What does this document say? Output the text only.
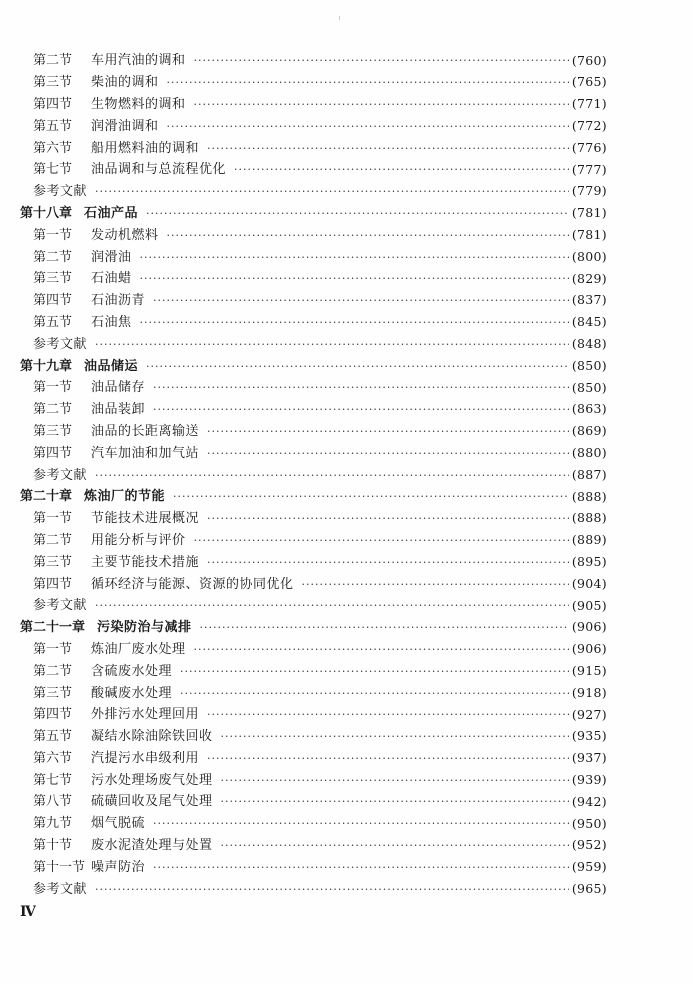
第二节	车用汽油的调和 ·····	(760)
第三节	柴油的调和 ·····	(765)
第四节	生物燃料的调和 ·····	(771)
第五节	润滑油调和 ·····	(772)
第六节	船用燃料油的调和 ·····	(776)
第七节	油品调和与总流程优化 ·····	(777)
参考文献 ·····	(779)
第十八章 石油产品 ·····	(781)
第一节	发动机燃料 ·····	(781)
第二节	润滑油 ·····	(800)
第三节	石油蜡 ·····	(829)
第四节	石油沥青 ·····	(837)
第五节	石油焦 ·····	(845)
参考文献 ·····	(848)
第十九章 油品储运 ·····	(850)
第一节	油品储存 ·····	(850)
第二节	油品装卸 ·····	(863)
第三节	油品的长距离输送 ·····	(869)
第四节	汽车加油和加气站 ·····	(880)
参考文献 ·····	(887)
第二十章 炼油厂的节能 ·····	(888)
第一节	节能技术进展概况 ·····	(888)
第二节	用能分析与评价 ·····	(889)
第三节	主要节能技术措施 ·····	(895)
第四节	循环经济与能源、资源的协同优化 ·····	(904)
参考文献 ·····	(905)
第二十一章 污染防治与减排 ·····	(906)
第一节	炼油厂废水处理 ·····	(906)
第二节	含硫废水处理 ·····	(915)
第三节	酸碱废水处理 ·····	(918)
第四节	外排污水处理回用 ·····	(927)
第五节	凝结水除油除铁回收 ·····	(935)
第六节	汽提污水串级利用 ·····	(937)
第七节	污水处理场废气处理 ·····	(939)
第八节	硫磺回收及尾气处理 ·····	(942)
第九节	烟气脱硫 ·····	(950)
第十节	废水泥渣处理与处置 ·····	(952)
第十一节 噪声防治 ·····	(959)
参考文献 ·····	(965)
Ⅳ
